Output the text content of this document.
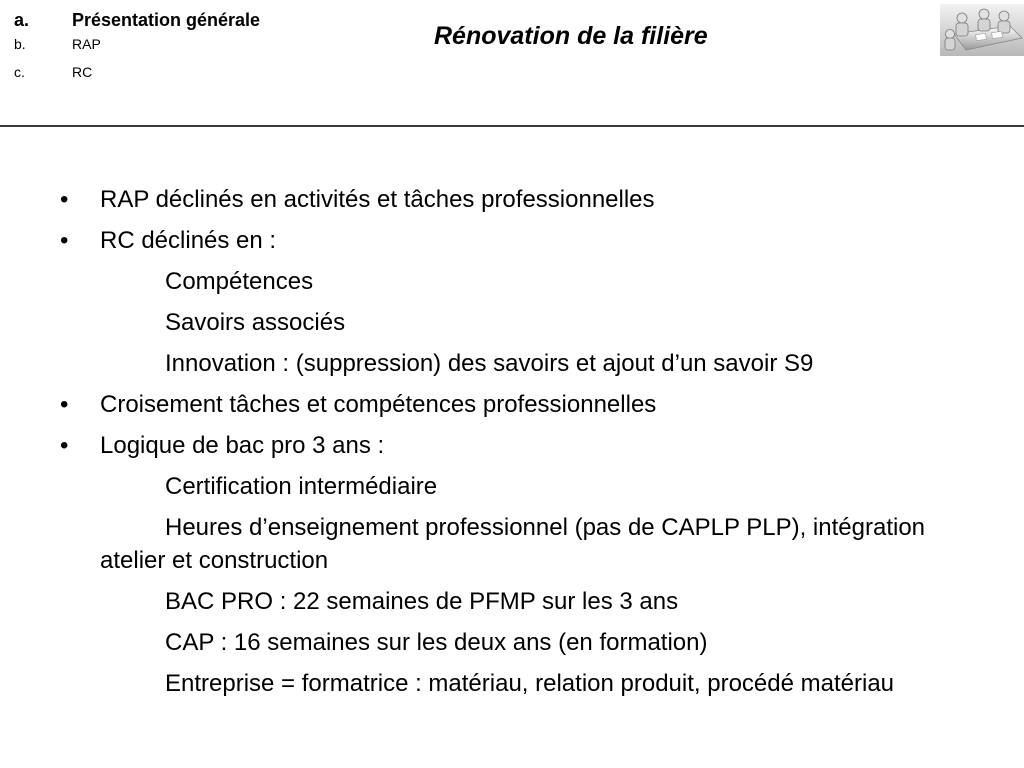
a.	Présentation générale
b.	RAP
c.	RC
Rénovation de la filière
• RAP déclinés en activités et tâches professionnelles
• RC déclinés en :
Compétences
Savoirs associés
Innovation : (suppression) des savoirs et ajout d’un savoir S9
• Croisement tâches et compétences professionnelles
• Logique de bac pro 3 ans :
Certification intermédiaire
Heures d’enseignement professionnel (pas de CAPLP PLP), intégration atelier et construction
BAC PRO : 22 semaines de PFMP sur les 3 ans
CAP : 16 semaines sur les deux ans (en formation)
Entreprise = formatrice : matériau, relation produit, procédé matériau
